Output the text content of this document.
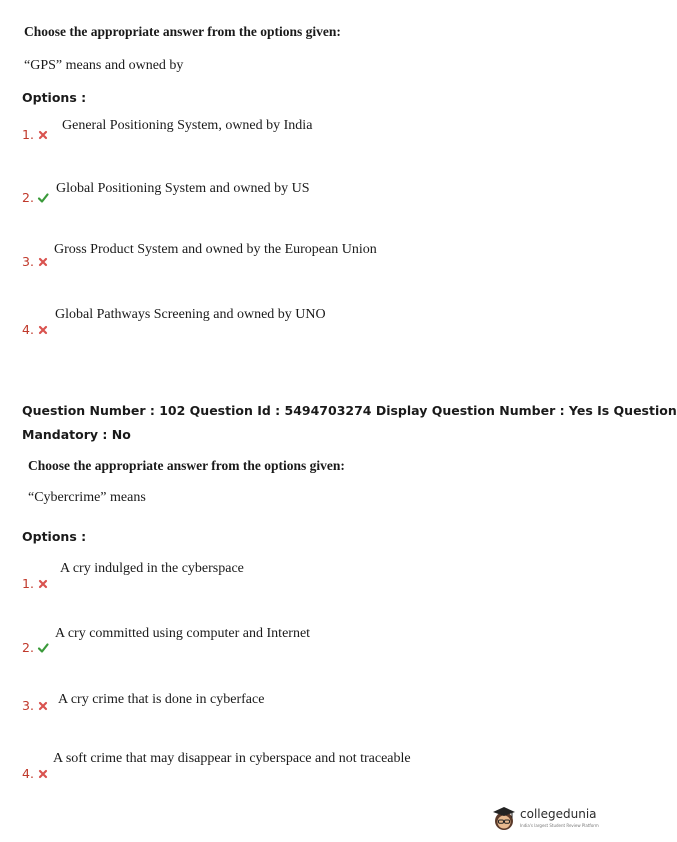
Choose the appropriate answer from the options given:
“GPS” means and owned by
Options :
1.
General Positioning System, owned by India
2.
Global Positioning System and owned by US
3.
Gross Product System and owned by the European Union
4.
Global Pathways Screening and owned by UNO
Question Number : 102 Question Id : 5494703274 Display Question Number : Yes Is Question
Mandatory : No
Choose the appropriate answer from the options given:
“Cybercrime” means
Options :
1.
A cry indulged in the cyberspace
2.
A cry committed using computer and Internet
3.	A cry crime that is done in cyberface
4.
A soft crime that may disappear in cyberspace and not traceable
collegedunia
India's largest Student Review Platform
